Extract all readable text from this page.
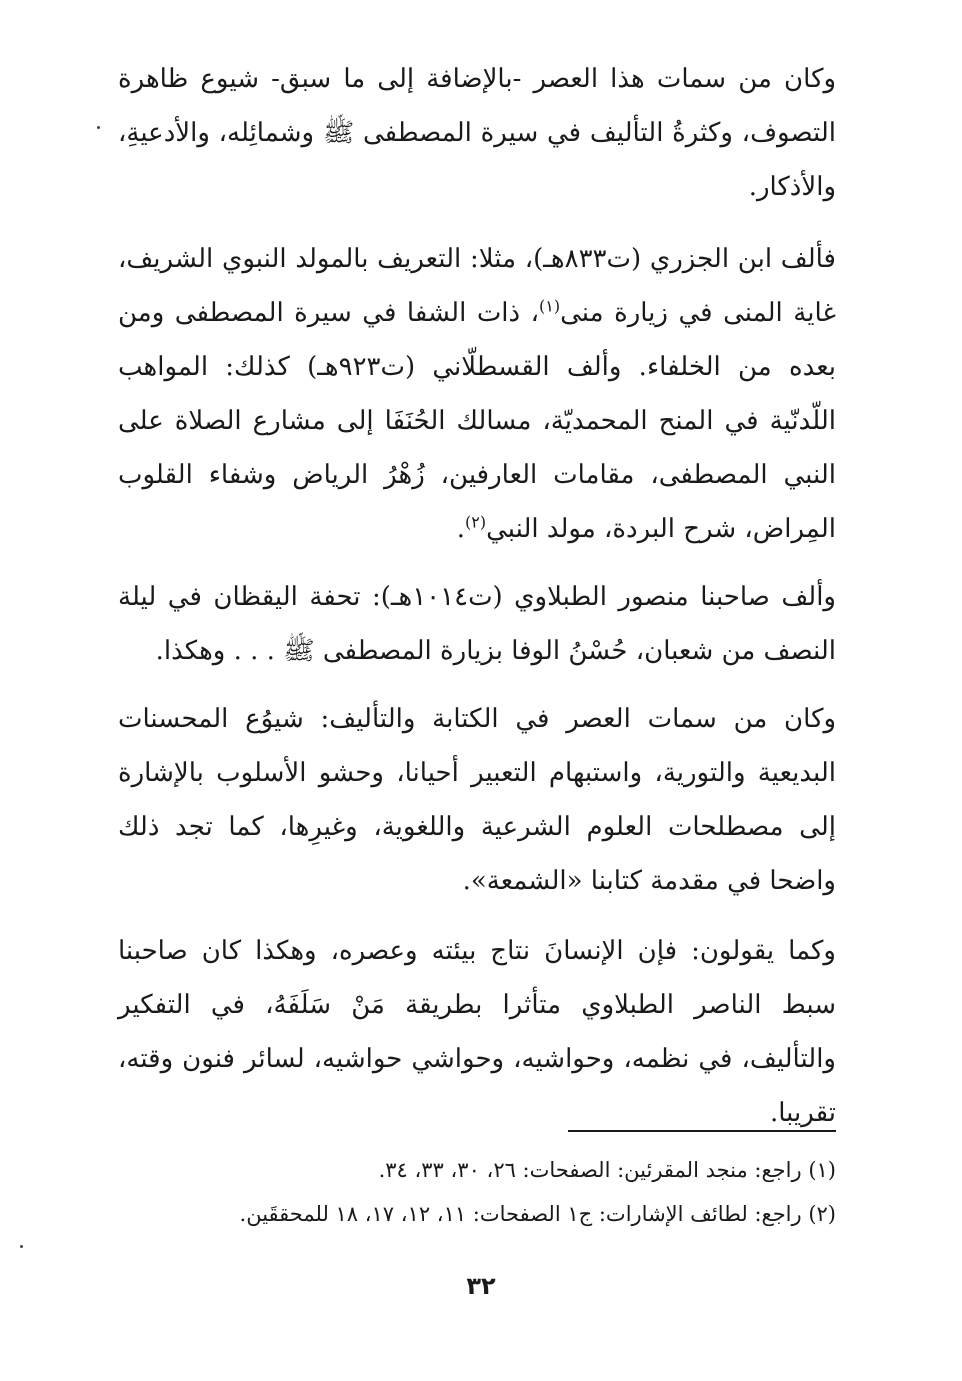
وكان من سمات هذا العصر -بالإضافة إلى ما سبق- شيوع ظاهرة التصوف، وكثرةُ التأليف في سيرة المصطفى ﷺ وشمائِله، والأدعيةِ، والأذكار.

فألف ابن الجزري (ت٨٣٣هـ)، مثلا: التعريف بالمولد النبوي الشريف، غاية المنى في زيارة منى$^{(١)}$، ذات الشفا في سيرة المصطفى ومن بعده من الخلفاء. وألف القسطلّاني (ت٩٢٣هـ) كذلك: المواهب اللّدنّية في المنح المحمديّة، مسالك الحُنَفَا إلى مشارع الصلاة على النبي المصطفى، مقامات العارفين، زُهْرُ الرياض وشفاء القلوب المِراض، شرح البردة، مولد النبي$^{(٢)}$.

وألف صاحبنا منصور الطبلاوي (ت١٠١٤هـ): تحفة اليقظان في ليلة النصف من شعبان، حُسْنُ الوفا بزيارة المصطفى ﷺ . . . وهكذا.

وكان من سمات العصر في الكتابة والتأليف: شيوُع المحسنات البديعية والتورية، واستبهام التعبير أحيانا، وحشو الأسلوب بالإشارة إلى مصطلحات العلوم الشرعية واللغوية، وغيرِها، كما تجد ذلك واضحا في مقدمة كتابنا «الشمعة».

وكما يقولون: فإن الإنسانَ نتاج بيئته وعصره، وهكذا كان صاحبنا سبط الناصر الطبلاوي متأثرا بطريقة مَنْ سَلَفَهُ، في التفكير والتأليف، في نظمه، وحواشيه، وحواشي حواشيه، لسائر فنون وقته، تقريبا.

(١) راجع: منجد المقرئين: الصفحات: ٢٦، ٣٠، ٣٣، ٣٤.

(٢) راجع: لطائف الإشارات: ج١ الصفحات: ١١، ١٢، ١٧، ١٨ للمحققَين.

٣٢
